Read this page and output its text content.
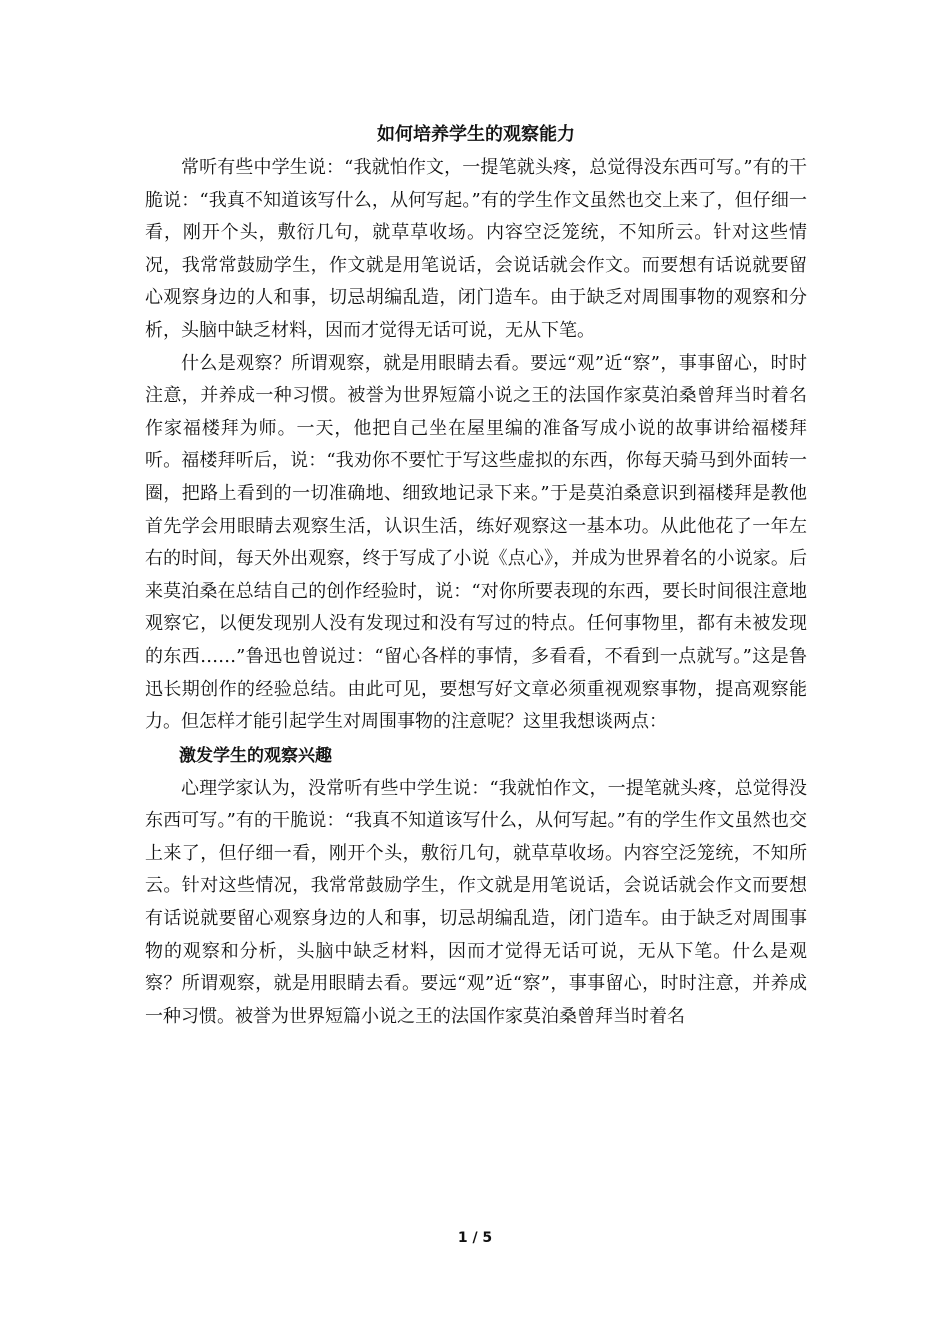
如何培养学生的观察能力

常听有些中学生说：“我就怕作文，一提笔就头疼，总觉得没东西可写。”有的干脆说：“我真不知道该写什么，从何写起。”有的学生作文虽然也交上来了，但仔细一看，刚开个头，敷衍几句，就草草收场。内容空泛笼统，不知所云。针对这些情况，我常常鼓励学生，作文就是用笔说话，会说话就会作文。而要想有话说就要留心观察身边的人和事，切忌胡编乱造，闭门造车。由于缺乏对周围事物的观察和分析，头脑中缺乏材料，因而才觉得无话可说，无从下笔。

什么是观察？所谓观察，就是用眼睛去看。要远“观”近“察”，事事留心，时时注意，并养成一种习惯。被誉为世界短篇小说之王的法国作家莫泊桑曾拜当时着名作家福楼拜为师。一天，他把自己坐在屋里编的准备写成小说的故事讲给福楼拜听。福楼拜听后，说：“我劝你不要忙于写这些虚拟的东西，你每天骑马到外面转一圈，把路上看到的一切准确地、细致地记录下来。”于是莫泊桑意识到福楼拜是教他首先学会用眼睛去观察生活，认识生活，练好观察这一基本功。从此他花了一年左右的时间，每天外出观察，终于写成了小说《点心》，并成为世界着名的小说家。后来莫泊桑在总结自己的创作经验时，说：“对你所要表现的东西，要长时间很注意地观察它，以便发现别人没有发现过和没有写过的特点。任何事物里，都有未被发现的东西……”鲁迅也曾说过：“留心各样的事情，多看看，不看到一点就写。”这是鲁迅长期创作的经验总结。由此可见，要想写好文章必须重视观察事物，提高观察能力。但怎样才能引起学生对周围事物的注意呢？这里我想谈两点：

激发学生的观察兴趣

心理学家认为，没常听有些中学生说：“我就怕作文，一提笔就头疼，总觉得没东西可写。”有的干脆说：“我真不知道该写什么，从何写起。”有的学生作文虽然也交上来了，但仔细一看，刚开个头，敷衍几句，就草草收场。内容空泛笼统，不知所云。针对这些情况，我常常鼓励学生，作文就是用笔说话，会说话就会作文而要想有话说就要留心观察身边的人和事，切忌胡编乱造，闭门造车。由于缺乏对周围事物的观察和分析，头脑中缺乏材料，因而才觉得无话可说，无从下笔。什么是观察？所谓观察，就是用眼睛去看。要远“观”近“察”，事事留心，时时注意，并养成一种习惯。被誉为世界短篇小说之王的法国作家莫泊桑曾拜当时着名

1 / 5
